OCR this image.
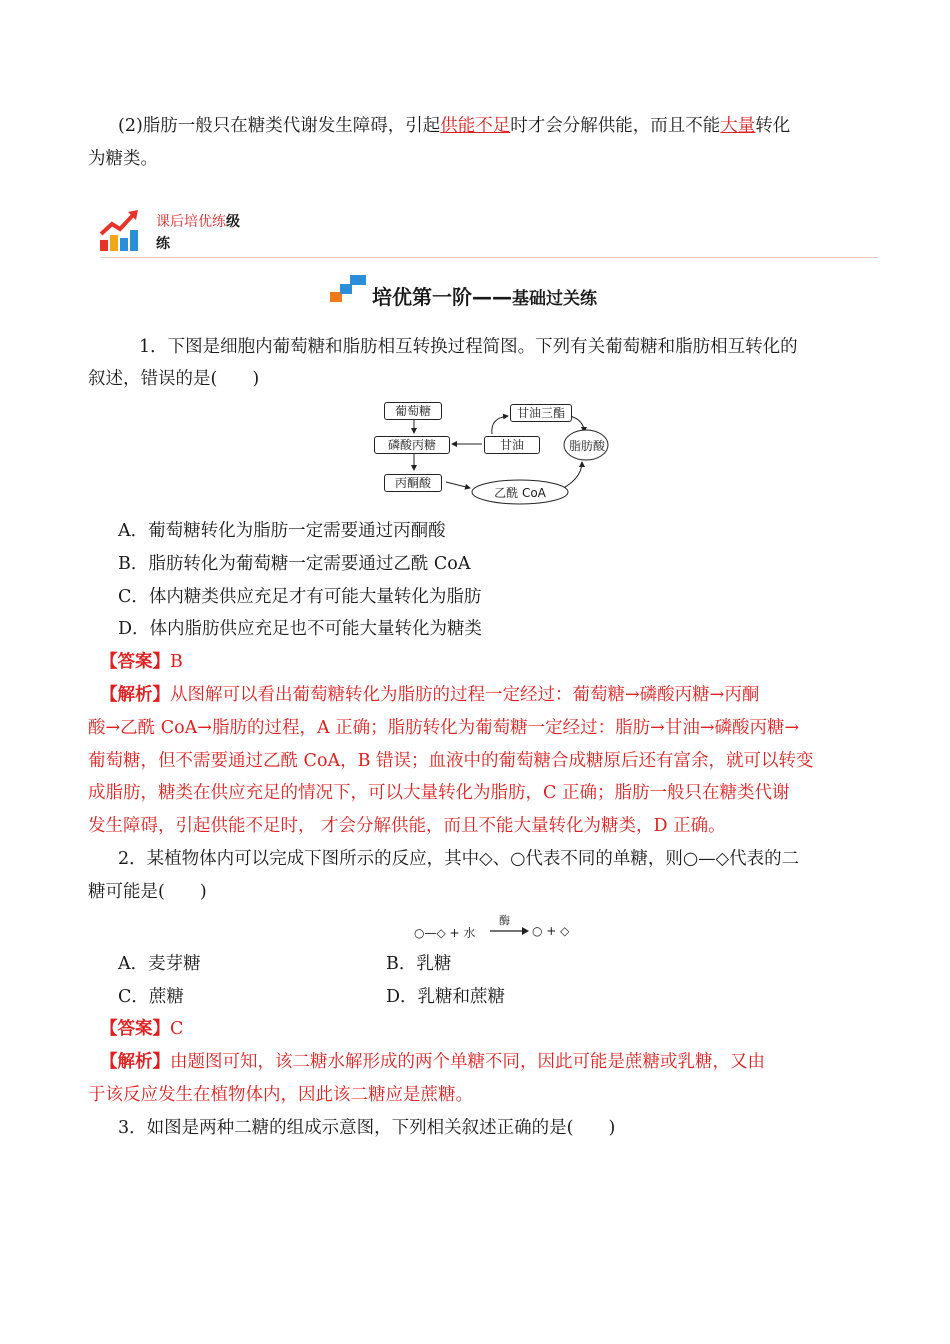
(2)脂肪一般只在糖类代谢发生障碍，引起供能不足时才会分解供能，而且不能大量转化
为糖类。
课后培优练级
练
培优第一阶——基础过关练
1．下图是细胞内葡萄糖和脂肪相互转换过程简图。下列有关葡萄糖和脂肪相互转化的
叙述，错误的是(　　)
葡萄糖
磷酸丙糖
丙酮酸
甘油三酯
甘油	脂肪酸
乙酰 CoA
A．葡萄糖转化为脂肪一定需要通过丙酮酸
B．脂肪转化为葡萄糖一定需要通过乙酰 CoA
C．体内糖类供应充足才有可能大量转化为脂肪
D．体内脂肪供应充足也不可能大量转化为糖类
【答案】B
【解析】从图解可以看出葡萄糖转化为脂肪的过程一定经过：葡萄糖→磷酸丙糖→丙酮
酸→乙酰 CoA→脂肪的过程，A 正确；脂肪转化为葡萄糖一定经过：脂肪→甘油→磷酸丙糖→
葡萄糖，但不需要通过乙酰 CoA，B 错误；血液中的葡萄糖合成糖原后还有富余，就可以转变
成脂肪，糖类在供应充足的情况下，可以大量转化为脂肪，C 正确；脂肪一般只在糖类代谢
发生障碍，引起供能不足时， 才会分解供能，而且不能大量转化为糖类，D 正确。
2．某植物体内可以完成下图所示的反应，其中◇、○代表不同的单糖，则○—◇代表的二
糖可能是(　　)
○—◇ + 水
酶
→ ○ + ◇
A．麦芽糖	B．乳糖
C．蔗糖	D．乳糖和蔗糖
【答案】C
【解析】由题图可知，该二糖水解形成的两个单糖不同，因此可能是蔗糖或乳糖，又由
于该反应发生在植物体内，因此该二糖应是蔗糖。
3．如图是两种二糖的组成示意图，下列相关叙述正确的是(　　)
